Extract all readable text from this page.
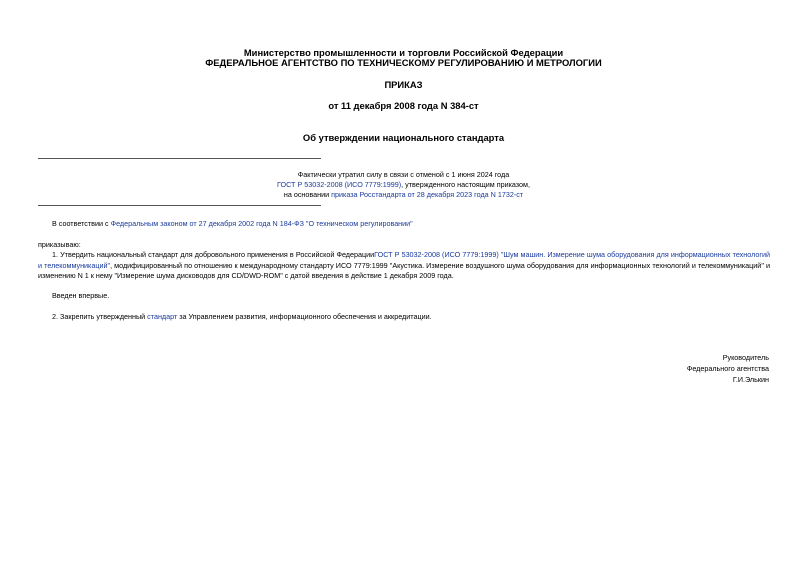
Министерство промышленности и торговли Российской Федерации
ФЕДЕРАЛЬНОЕ АГЕНТСТВО ПО ТЕХНИЧЕСКОМУ РЕГУЛИРОВАНИЮ И МЕТРОЛОГИИ
ПРИКАЗ
от 11 декабря 2008 года N 384-ст
Об утверждении национального стандарта
Фактически утратил силу в связи с отменой с 1 июня 2024 года
ГОСТ Р 53032-2008 (ИСО 7779:1999), утвержденного настоящим приказом,
на основании приказа Росстандарта от 28 декабря 2023 года N 1732-ст
В соответствии с Федеральным законом от 27 декабря 2002 года N 184-ФЗ "О техническом регулировании"
приказываю:
1. Утвердить национальный стандарт для добровольного применения в Российской ФедерацииГОСТ Р 53032-2008 (ИСО 7779:1999) "Шум машин. Измерение шума оборудования для информационных технологий и телекоммуникаций", модифицированный по отношению к международному стандарту ИСО 7779:1999 "Акустика. Измерение воздушного шума оборудования для информационных технологий и телекоммуникаций" и изменению N 1 к нему "Измерение шума дисководов для CD/DWD-ROM" с датой введения в действие 1 декабря 2009 года.
Введен впервые.
2. Закрепить утвержденный стандарт за Управлением развития, информационного обеспечения и аккредитации.
Руководитель
Федерального агентства
Г.И.Элькин
